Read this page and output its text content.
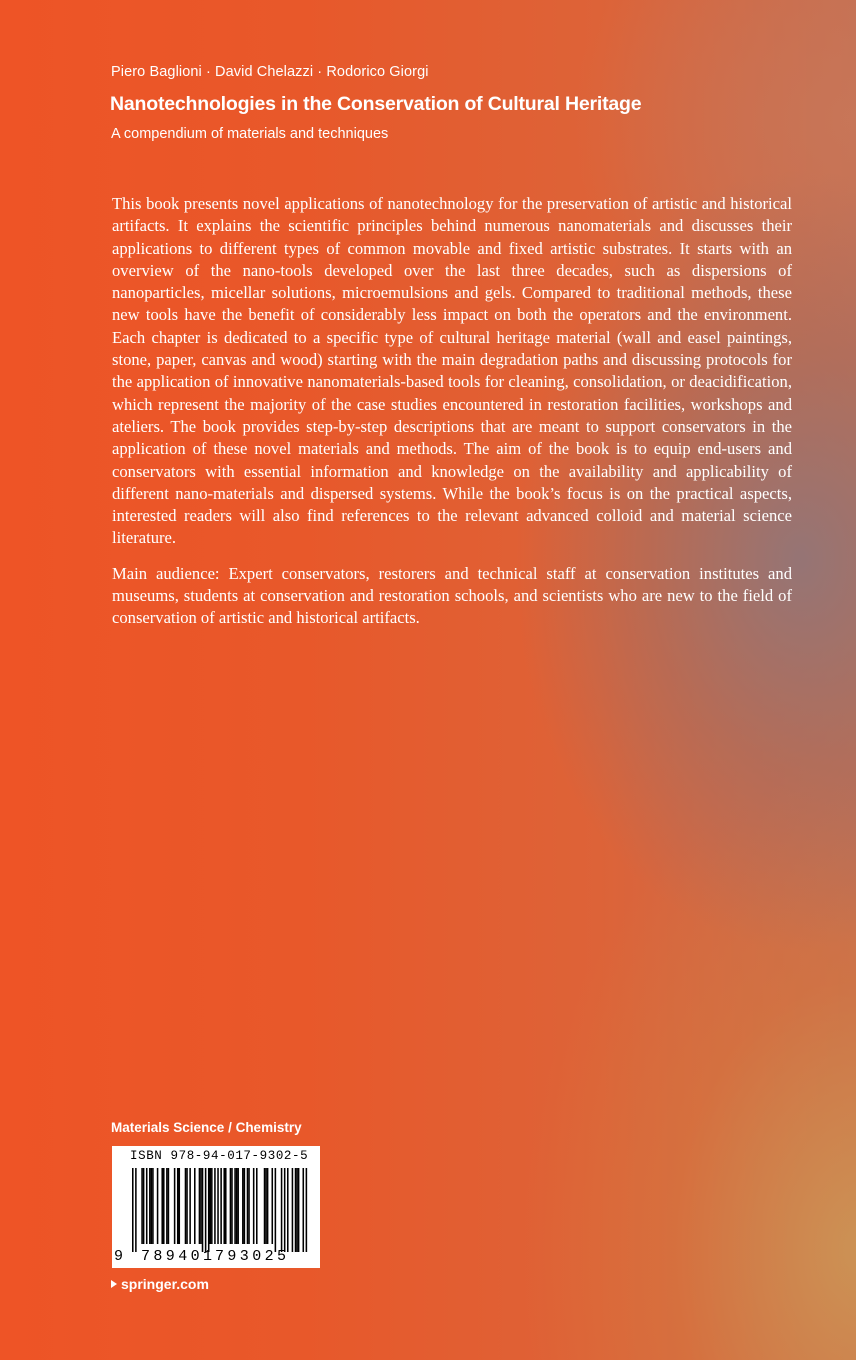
Piero Baglioni · David Chelazzi · Rodorico Giorgi
Nanotechnologies in the Conservation of Cultural Heritage
A compendium of materials and techniques

This book presents novel applications of nanotechnology for the preservation of artistic and historical artifacts. It explains the scientific principles behind numerous nanomaterials and discusses their applications to different types of common movable and fixed artistic substrates. It starts with an overview of the nano-tools developed over the last three decades, such as dispersions of nanoparticles, micellar solutions, microemulsions and gels. Compared to traditional methods, these new tools have the benefit of considerably less impact on both the operators and the environment. Each chapter is dedicated to a specific type of cultural heritage material (wall and easel paintings, stone, paper, canvas and wood) starting with the main degradation paths and discussing protocols for the application of innovative nanomaterials-based tools for cleaning, consolidation, or deacidification, which represent the majority of the case studies encountered in restoration facilities, workshops and ateliers. The book provides step-by-step descriptions that are meant to support conservators in the application of these novel materials and methods. The aim of the book is to equip end-users and conservators with essential information and knowledge on the availability and applicability of different nano-materials and dispersed systems. While the book’s focus is on the practical aspects, interested readers will also find references to the relevant advanced colloid and material science literature.

Main audience: Expert conservators, restorers and technical staff at conservation institutes and museums, students at conservation and restoration schools, and scientists who are new to the field of conservation of artistic and historical artifacts.

Materials Science / Chemistry
ISBN 978-94-017-9302-5
9 789401 793025
springer.com
